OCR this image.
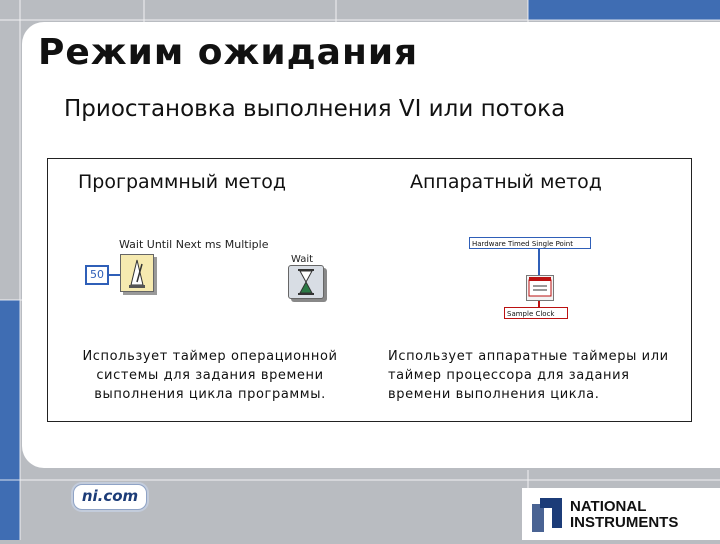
Режим ожидания
Приостановка выполнения VI или потока
Программный метод	Аппаратный метод
Wait Until Next ms Multiple
50
Wait
Hardware Timed Single Point
Sample Clock
Использует таймер операционной системы для задания времени выполнения цикла программы.
Использует аппаратные таймеры или таймер процессора для задания времени выполнения цикла.
ni.com
NATIONAL
INSTRUMENTS
